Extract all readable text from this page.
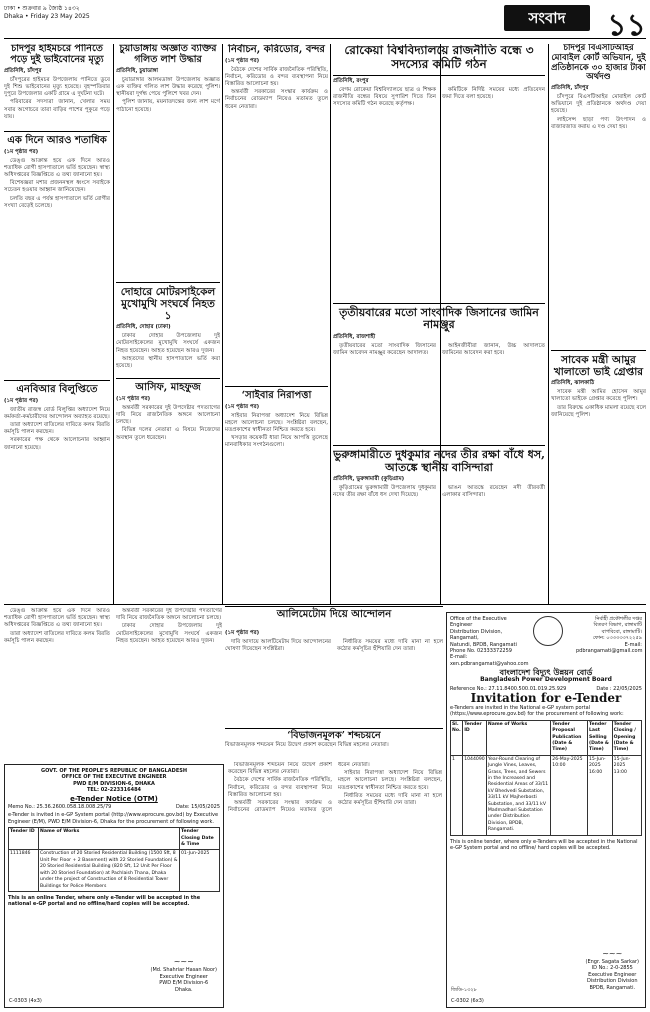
ঢাকা • শুক্রবার ৯ জ্যৈষ্ঠ ১৪৩২
Dhaka • Friday 23 May 2025	সংবাদ	১১
চাঁদপুর হাইমচরে পানিতে পড়ে দুই ভাইবোনের মৃত্যু
প্রতিনিধি, চাঁদপুর

চাঁদপুরের হাইমচর উপজেলায় পানিতে ডুবে দুই শিশু ভাইবোনের মৃত্যু হয়েছে। বৃহস্পতিবার দুপুরে উপজেলার একটি গ্রামে এ দুর্ঘটনা ঘটে।

পরিবারের সদস্যরা জানান, খেলার সময় সবার অগোচরে তারা বাড়ির পাশের পুকুরে পড়ে যায়।

এক দিনে আরও শতাধিক
(১ম পৃষ্ঠার পর)

ডেঙ্গু আক্রান্ত হয়ে এক দিনে আরও শতাধিক রোগী হাসপাতালে ভর্তি হয়েছেন। স্বাস্থ্য অধিদপ্তরের বিজ্ঞপ্তিতে এ তথ্য জানানো হয়।

বিশেষজ্ঞরা মশার প্রজননস্থল ধ্বংসে সবাইকে সচেতন হওয়ার আহ্বান জানিয়েছেন।

চলতি বছর এ পর্যন্ত হাসপাতালে ভর্তি রোগীর সংখ্যা বেড়েই চলেছে।

এনবিআর বিলুপ্তিতে
(১ম পৃষ্ঠার পর)

জাতীয় রাজস্ব বোর্ড বিলুপ্তির অধ্যাদেশ নিয়ে কর্মকর্তা-কর্মচারীদের আন্দোলন অব্যাহত রয়েছে।

তারা অধ্যাদেশ বাতিলের দাবিতে কলম বিরতি কর্মসূচি পালন করছেন।

সরকারের পক্ষ থেকে আলোচনার আহ্বান জানানো হয়েছে।

চুয়াডাঙ্গায় অজ্ঞাত ব্যক্তির গলিত লাশ উদ্ধার
প্রতিনিধি, চুয়াডাঙ্গা

চুয়াডাঙ্গার আলমডাঙ্গা উপজেলায় অজ্ঞাত এক ব্যক্তির গলিত লাশ উদ্ধার করেছে পুলিশ। স্থানীয়রা দুর্গন্ধ পেয়ে পুলিশে খবর দেন।

পুলিশ জানায়, ময়নাতদন্তের জন্য লাশ মর্গে পাঠানো হয়েছে।

দোহারে মোটরসাইকেল মুখোমুখি সংঘর্ষে নিহত ১
প্রতিনিধি, দোহার (ঢাকা)

ঢাকার দোহার উপজেলায় দুই মোটরসাইকেলের মুখোমুখি সংঘর্ষে একজন নিহত হয়েছেন। আহত হয়েছেন আরও দুজন।

আহতদের স্থানীয় হাসপাতালে ভর্তি করা হয়েছে।

আসিফ, মাহফুজ
(১ম পৃষ্ঠার পর)

অন্তর্বর্তী সরকারের দুই উপদেষ্টার পদত্যাগের দাবি নিয়ে রাজনৈতিক অঙ্গনে আলোচনা চলছে।

বিভিন্ন দলের নেতারা এ বিষয়ে নিজেদের অবস্থান তুলে ধরেছেন।

নির্বাচন, করিডোর, বন্দর
(১ম পৃষ্ঠার পর)

বৈঠকে দেশের সার্বিক রাজনৈতিক পরিস্থিতি, নির্বাচন, করিডোর ও বন্দর ব্যবস্থাপনা নিয়ে বিস্তারিত আলোচনা হয়।

অন্তর্বর্তী সরকারের সংস্কার কার্যক্রম ও নির্বাচনের রোডম্যাপ নিয়েও মতামত তুলে ধরেন নেতারা।

‘সাইবার নিরাপত্তা
(১ম পৃষ্ঠার পর)

সাইবার নিরাপত্তা অধ্যাদেশ নিয়ে বিভিন্ন মহলে আলোচনা চলছে। সংশ্লিষ্টরা বলছেন, মতপ্রকাশের স্বাধীনতা নিশ্চিত করতে হবে।

খসড়ার কয়েকটি ধারা নিয়ে আপত্তি তুলেছে মানবাধিকার সংগঠনগুলো।

রোকেয়া বিশ্ববিদ্যালয়ে রাজনীতি বন্ধে ৩ সদস্যের কমিটি গঠন
প্রতিনিধি, রংপুর

বেগম রোকেয়া বিশ্ববিদ্যালয়ে ছাত্র ও শিক্ষক রাজনীতি বন্ধের বিষয়ে সুপারিশ দিতে তিন সদস্যের কমিটি গঠন করেছে কর্তৃপক্ষ।

কমিটিকে নির্দিষ্ট সময়ের মধ্যে প্রতিবেদন জমা দিতে বলা হয়েছে।

তৃতীয়বারের মতো সাংবাদিক জিসানের জামিন নামঞ্জুর
প্রতিনিধি, রাজশাহী

তৃতীয়বারের মতো সাংবাদিক জিসানের জামিন আবেদন নামঞ্জুর করেছেন আদালত।

আইনজীবীরা জানান, উচ্চ আদালতে জামিনের আবেদন করা হবে।

ভুরুঙ্গামারীতে দুধকুমার নদের তীর রক্ষা বাঁধে ধস, আতঙ্কে স্থানীয় বাসিন্দারা
প্রতিনিধি, ভুরুঙ্গামারী (কুড়িগ্রাম)

কুড়িগ্রামের ভুরুঙ্গামারী উপজেলায় দুধকুমার নদের তীর রক্ষা বাঁধে ধস দেখা দিয়েছে।

ভাঙন আতঙ্কে রয়েছেন নদী তীরবর্তী এলাকার বাসিন্দারা।

চাঁদপুর বিএসটিআইর মোবাইল কোর্ট অভিযান, দুই প্রতিষ্ঠানকে ৩০ হাজার টাকা অর্থদণ্ড
প্রতিনিধি, চাঁদপুর

চাঁদপুরে বিএসটিআইর মোবাইল কোর্ট অভিযানে দুই প্রতিষ্ঠানকে অর্থদণ্ড দেয়া হয়েছে।

লাইসেন্স ছাড়া পণ্য উৎপাদন ও বাজারজাত করায় এ দণ্ড দেয়া হয়।

সাবেক মন্ত্রী আমুর খালাতো ভাই গ্রেপ্তার
প্রতিনিধি, ঝালকাঠি

সাবেক মন্ত্রী আমির হোসেন আমুর খালাতো ভাইকে গ্রেপ্তার করেছে পুলিশ।

তার বিরুদ্ধে একাধিক মামলা রয়েছে বলে জানিয়েছে পুলিশ।

আলিমেটোম দিয়ে আন্দোলন
(১ম পৃষ্ঠার পর)

দাবি আদায়ে আলটিমেটাম দিয়ে আন্দোলনের ঘোষণা দিয়েছেন সংশ্লিষ্টরা।

নির্ধারিত সময়ের মধ্যে দাবি মানা না হলে কঠোর কর্মসূচির হুঁশিয়ারি দেন তারা।

‘বিভাজনমূলক’ শব্দচয়নে
বিভাজনমূলক শব্দচয়ন নিয়ে উদ্বেগ প্রকাশ করেছেন বিভিন্ন মহলের নেতারা।
GOVT. OF THE PEOPLE'S REPUBLIC OF BANGLADESH
OFFICE OF THE EXECUTIVE ENGINEER
PWD E/M DIVISION-6, DHAKA
TEL: 02-223316484
e-Tender Notice (OTM)
Memo No.: 25.36.2600.058.18.008.25/79	Date: 15/05/2025
e-Tender is invited in e-GP System portal (http://www.eprocure.gov.bd) by Executive Engineer (E/M), PWD E/M Division-6, Dhaka for the procurement of following work.
Tender ID	Name of Works	Tender Closing Date & Time
1111846	Construction of 20 Storied Residential Building (1500 Sft, 8 Unit Per Floor + 2 Basement) with 22 Storied Foundation) & 20 Storied Residential Building (820 Sft, 12 Unit Per Floor with 20 Storied Foundation) at Pachlaish Thana, Dhaka under the project of Construction of 8 Residential Tower Buildings for Police Members	01-Jun-2025
This is an online Tender, where only e-Tender will be accepted in the national e-GP portal and no offline/hard copies will be accepted.
~~~
(Md. Shahriar Hasan Noor)
Executive Engineer
PWD E/M Division-6
Dhaka.
C-0303 (4x3)
Office of the Executive Engineer
Distribution Division, Rangamati,
Natundi, BPDB, Rangamati
Phone No. 02333372259
E-mail: xen.pdbrangamati@yahoo.com
নির্বাহী প্রকৌশলীর দপ্তর
বিতরণ বিভাগ, রাঙ্গামাটি
বাপবিবো, রাঙ্গামাটি।
ফোন: ০৩৩৩৩৩৭২২৫৯
E-mail: pdbrangamati@gmail.com
বাংলাদেশ বিদ্যুৎ উন্নয়ন বোর্ড
Bangladesh Power Development Board
Reference No.: 27.11.8400.500.01.019.25.929	Date : 22/05/2025
Invitation for e-Tender
e-Tenders are invited in the National e-GP system portal (https://www.eprocure.gov.bd) for the procurement of following work:
Sl. No.	Tender ID	Name of Works	Tender Proposal Publication (Date & Time)	Tender Last Selling (Date & Time)	Tender Closing / Opening (Date & Time)
1	1044090	Year-Round Clearing of Jungle Vines, Leaves, Grass, Trees, and Sewers in the Increased and Residential Areas of 33/11 kV Bhedvedi Substation, 33/11 kV Majherbosti Substation, and 33/11 kV Madmadhari Substation under Distribution Division, BPDB, Rangamati.	26-May-2025 10:00	15-Jun-2025 16:00	15-Jun-2025 13:00
This is online tender, where only e-Tenders will be accepted in the National e-GP System portal and no offline/ hard copies will be accepted.
~~~
(Engr. Sagata Sarkar)
ID No.: 2-0-2855
Executive Engineer
Distribution Division
BPDB, Rangamati.
জিডি-১৩২৮
C-0302 (6x3)

ডেঙ্গু আক্রান্ত হয়ে এক দিনে আরও শতাধিক রোগী হাসপাতালে ভর্তি হয়েছেন। স্বাস্থ্য অধিদপ্তরের বিজ্ঞপ্তিতে এ তথ্য জানানো হয়।

তারা অধ্যাদেশ বাতিলের দাবিতে কলম বিরতি কর্মসূচি পালন করছেন।

অন্তর্বর্তী সরকারের দুই উপদেষ্টার পদত্যাগের দাবি নিয়ে রাজনৈতিক অঙ্গনে আলোচনা চলছে।

ঢাকার দোহার উপজেলায় দুই মোটরসাইকেলের মুখোমুখি সংঘর্ষে একজন নিহত হয়েছেন। আহত হয়েছেন আরও দুজন।

বিভাজনমূলক শব্দচয়ন নিয়ে উদ্বেগ প্রকাশ করেছেন বিভিন্ন মহলের নেতারা।

বৈঠকে দেশের সার্বিক রাজনৈতিক পরিস্থিতি, নির্বাচন, করিডোর ও বন্দর ব্যবস্থাপনা নিয়ে বিস্তারিত আলোচনা হয়।

অন্তর্বর্তী সরকারের সংস্কার কার্যক্রম ও নির্বাচনের রোডম্যাপ নিয়েও মতামত তুলে ধরেন নেতারা।

সাইবার নিরাপত্তা অধ্যাদেশ নিয়ে বিভিন্ন মহলে আলোচনা চলছে। সংশ্লিষ্টরা বলছেন, মতপ্রকাশের স্বাধীনতা নিশ্চিত করতে হবে।

নির্ধারিত সময়ের মধ্যে দাবি মানা না হলে কঠোর কর্মসূচির হুঁশিয়ারি দেন তারা।
